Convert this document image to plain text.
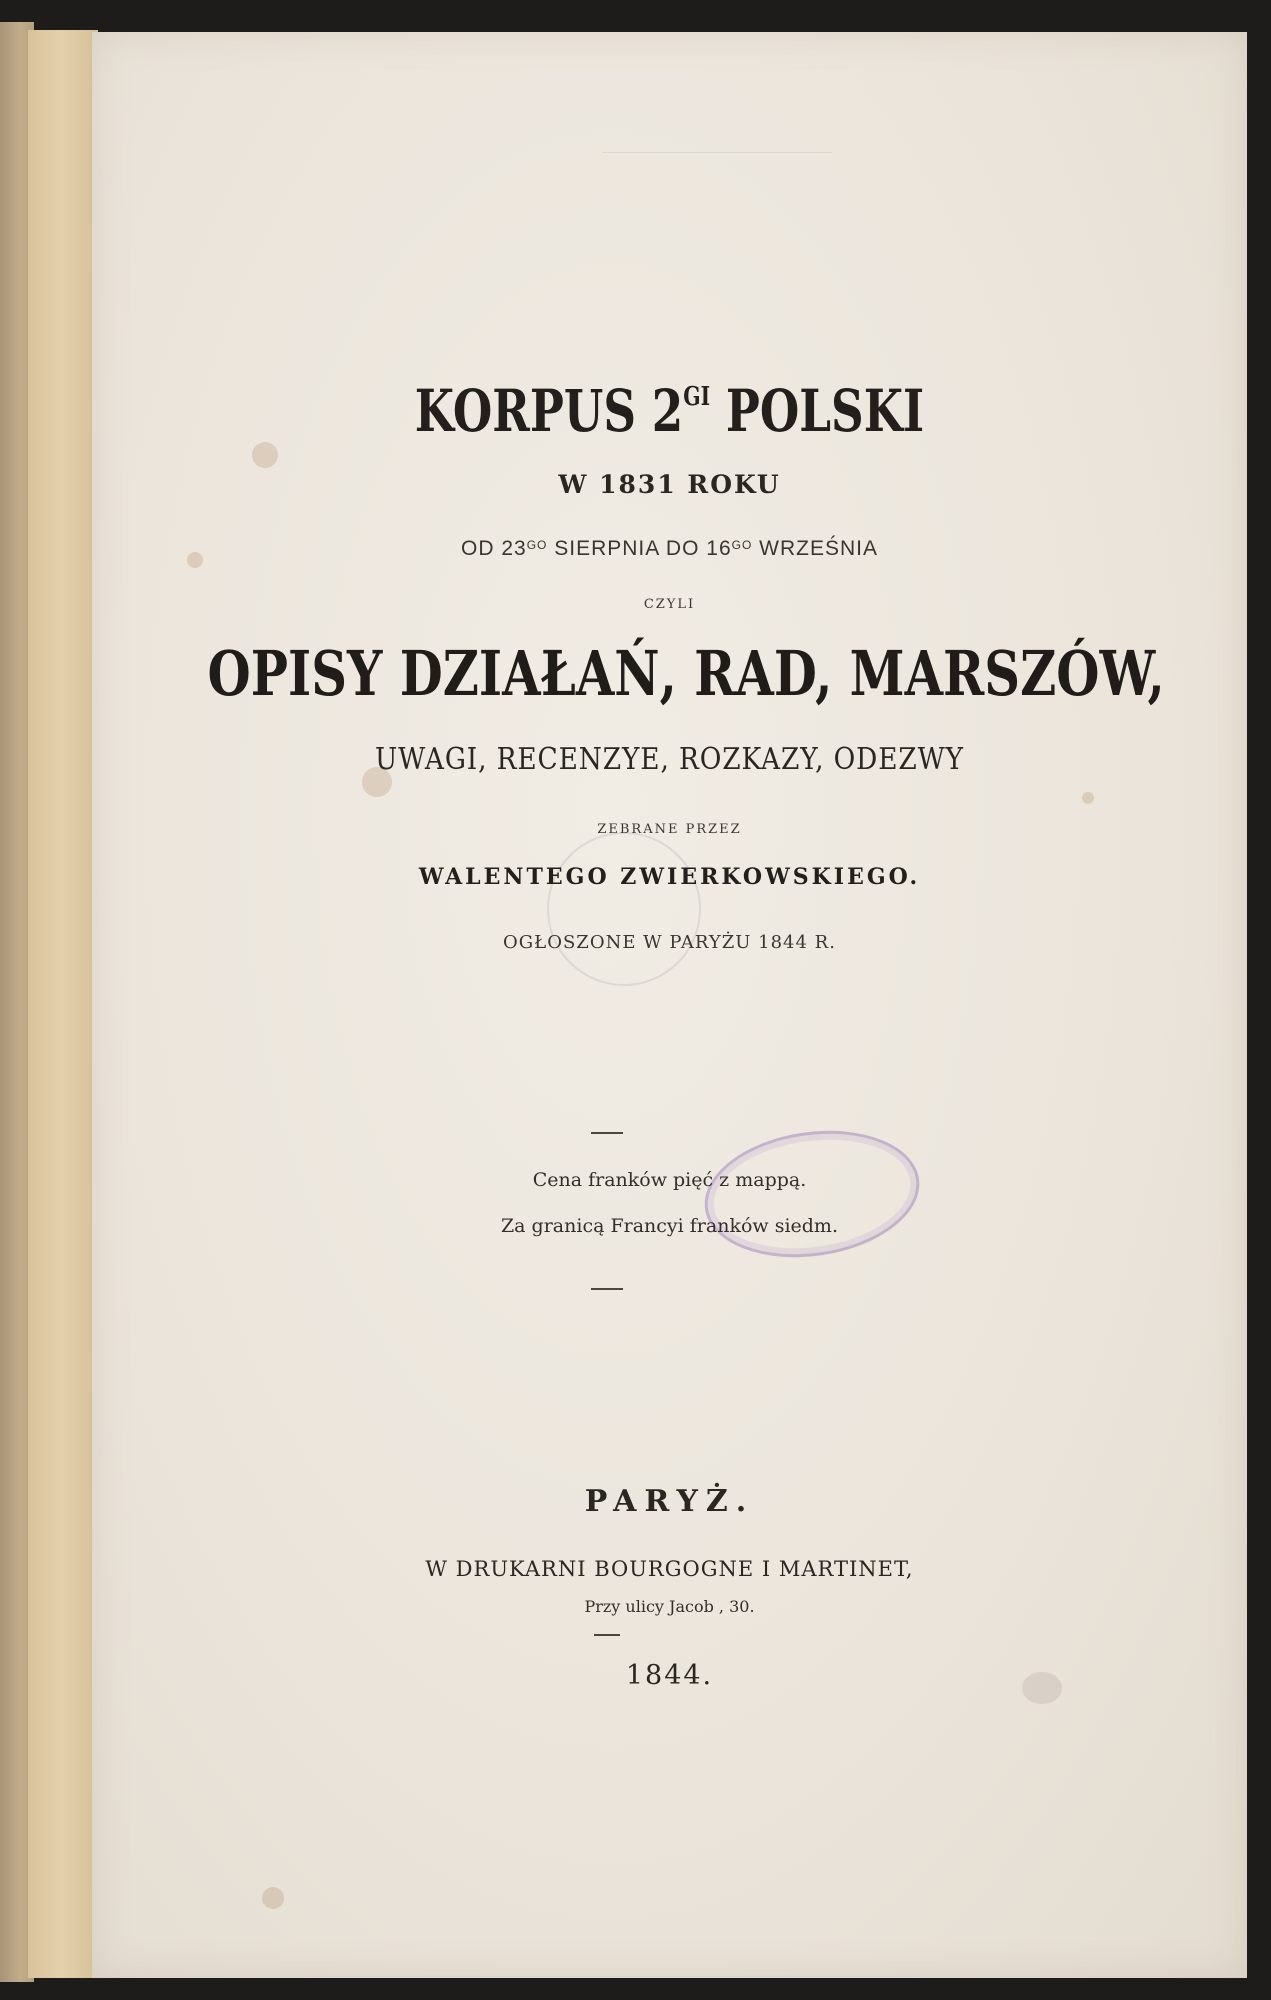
KORPUS $2^{GI}$ POLSKI
W 1831 ROKU
OD $23^{GO}$ SIERPNIA DO $16^{GO}$ WRZEŚNIA
CZYLI
OPISY DZIAŁAŃ, RAD, MARSZÓW,
UWAGI, RECENZYE, ROZKAZY, ODEZWY
ZEBRANE PRZEZ
WALENTEGO ZWIERKOWSKIEGO.
OGŁOSZONE W PARYŻU 1844 R.
Cena franków pięć z mappą.
Za granicą Francyi franków siedm.
PARYŻ.
W DRUKARNI BOURGOGNE I MARTINET,
Przy ulicy Jacob , 30.
1844.
